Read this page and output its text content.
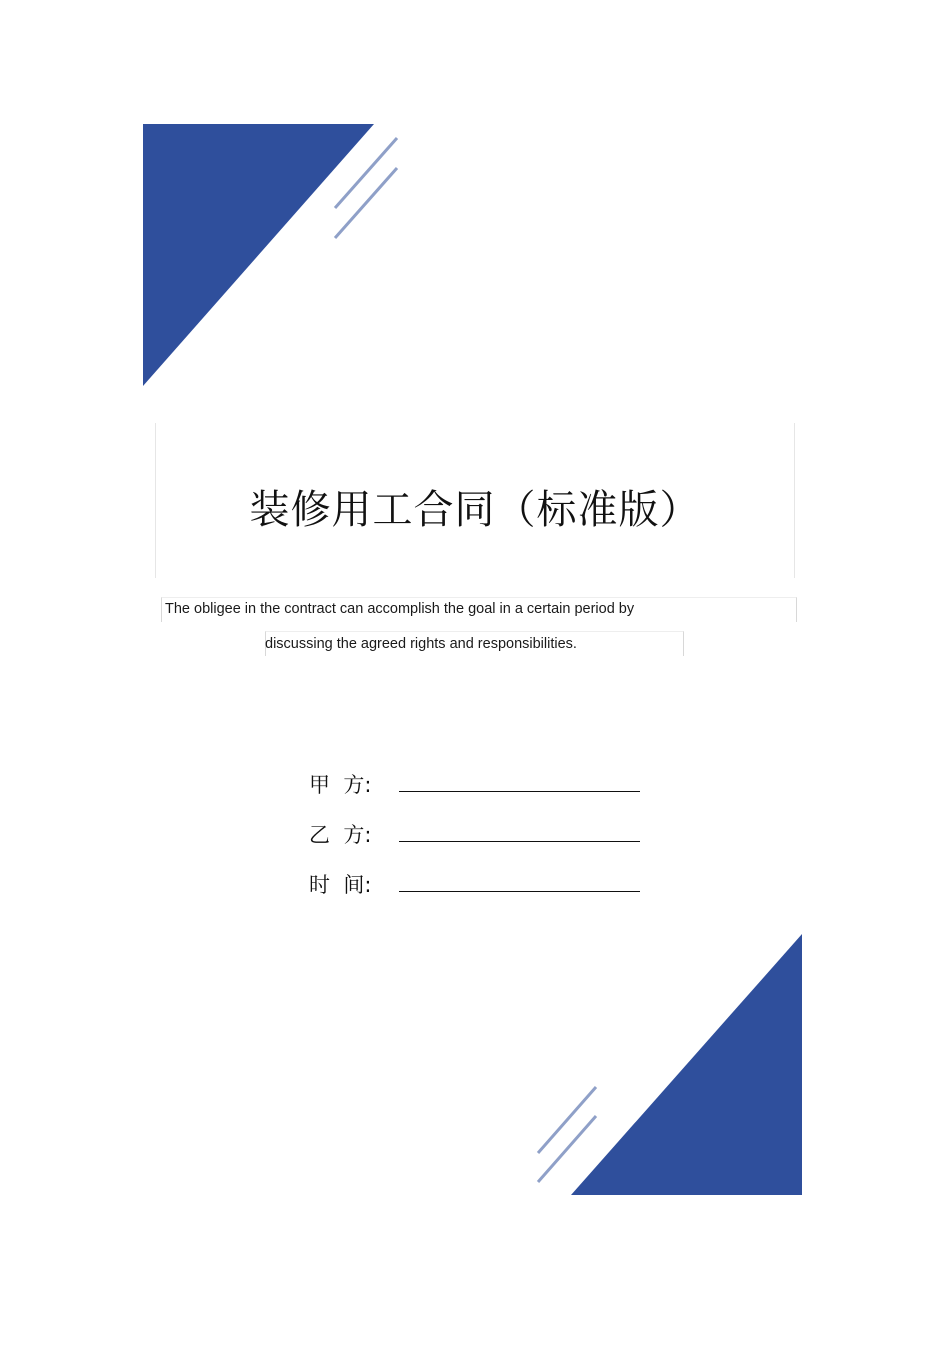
装修用工合同（标准版）
The obligee in the contract can accomplish the goal in a certain period by
discussing the agreed rights and responsibilities.
甲  方:
乙  方:
时  间:
